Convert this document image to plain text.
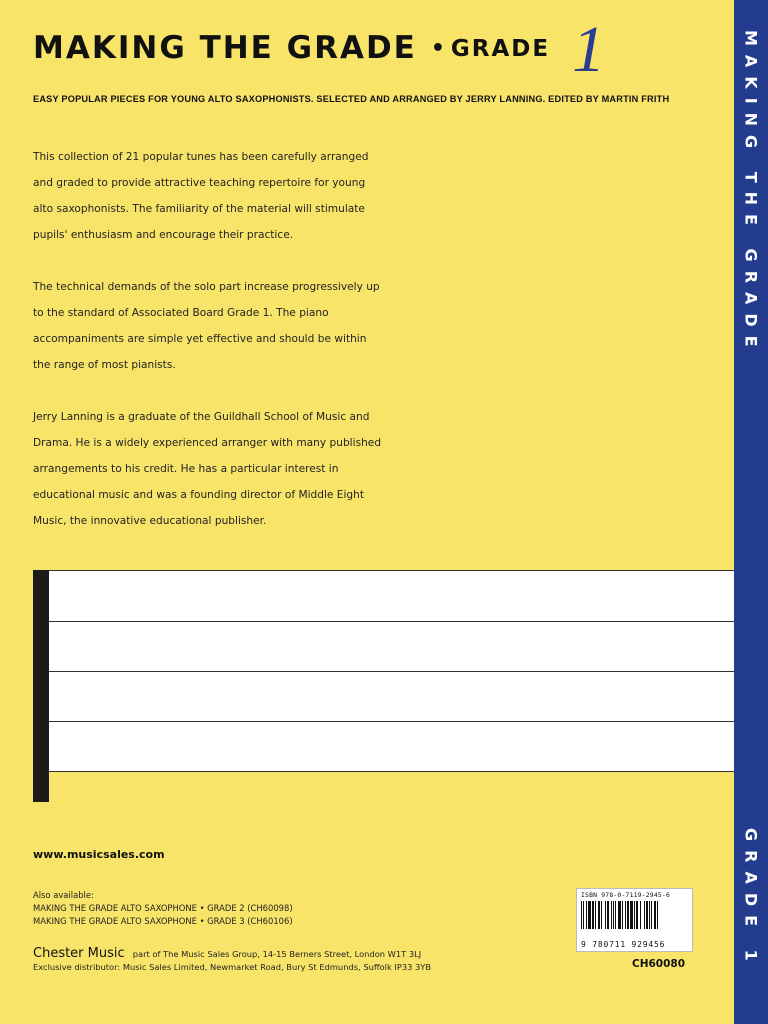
MAKING THE GRADE • GRADE 1
EASY POPULAR PIECES FOR YOUNG ALTO SAXOPHONISTS. SELECTED AND ARRANGED BY JERRY LANNING. EDITED BY MARTIN FRITH

This collection of 21 popular tunes has been carefully arranged and graded to provide attractive teaching repertoire for young alto saxophonists. The familiarity of the material will stimulate pupils' enthusiasm and encourage their practice.

The technical demands of the solo part increase progressively up to the standard of Associated Board Grade 1. The piano accompaniments are simple yet effective and should be within the range of most pianists.

Jerry Lanning is a graduate of the Guildhall School of Music and Drama. He is a widely experienced arranger with many published arrangements to his credit. He has a particular interest in educational music and was a founding director of Middle Eight Music, the innovative educational publisher.

www.musicsales.com
Also available:
MAKING THE GRADE ALTO SAXOPHONE • GRADE 2 (CH60098)
MAKING THE GRADE ALTO SAXOPHONE • GRADE 3 (CH60106)
Chester Music part of The Music Sales Group, 14-15 Berners Street, London W1T 3LJ
Exclusive distributor: Music Sales Limited, Newmarket Road, Bury St Edmunds, Suffolk IP33 3YB
ISBN 978-0-7119-2945-6
9 780711 929456
CH60080
MAKING THE GRADE
GRADE 1
